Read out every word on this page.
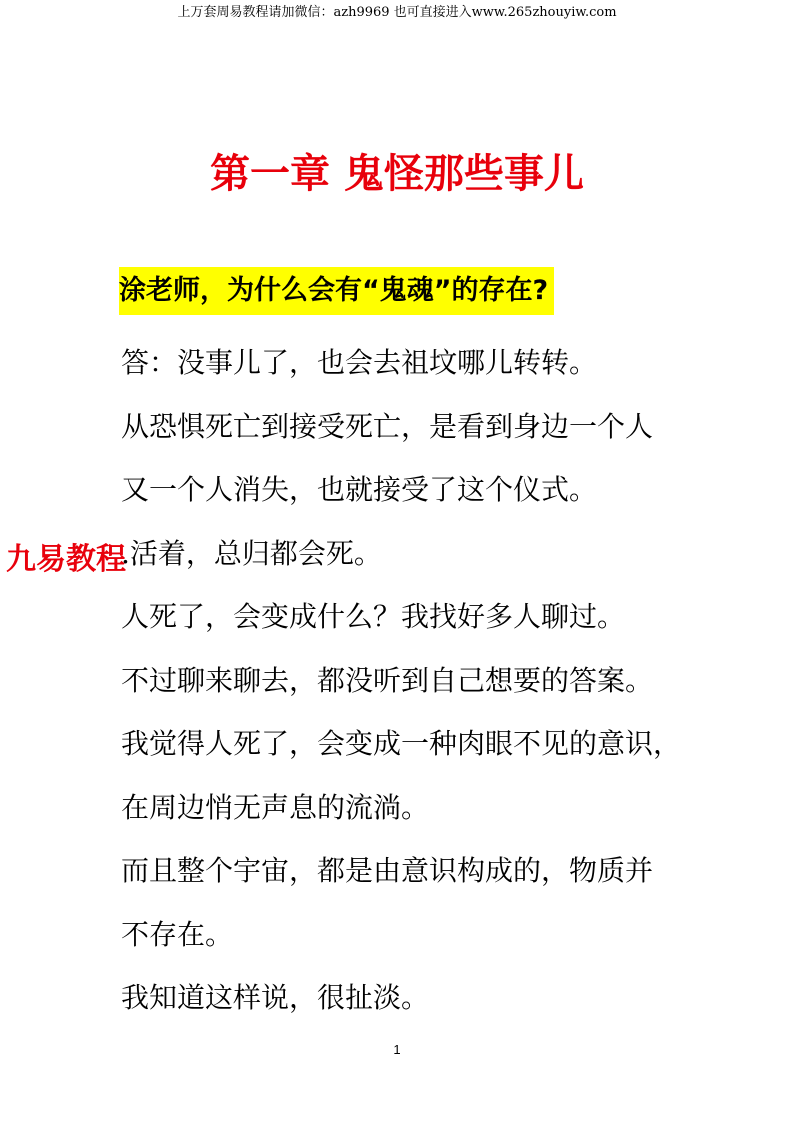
上万套周易教程请加微信：azh9969 也可直接进入www.265zhouyiw.com
第一章 鬼怪那些事儿
涂老师，为什么会有“鬼魂”的存在?
答：没事儿了，也会去祖坟哪儿转转。
从恐惧死亡到接受死亡，是看到身边一个人
又一个人消失，也就接受了这个仪式。
.活着，总归都会死。
人死了，会变成什么？我找好多人聊过。
不过聊来聊去，都没听到自己想要的答案。
我觉得人死了，会变成一种肉眼不见的意识，
在周边悄无声息的流淌。
而且整个宇宙，都是由意识构成的，物质并
不存在。
我知道这样说，很扯淡。
九易教程
1
